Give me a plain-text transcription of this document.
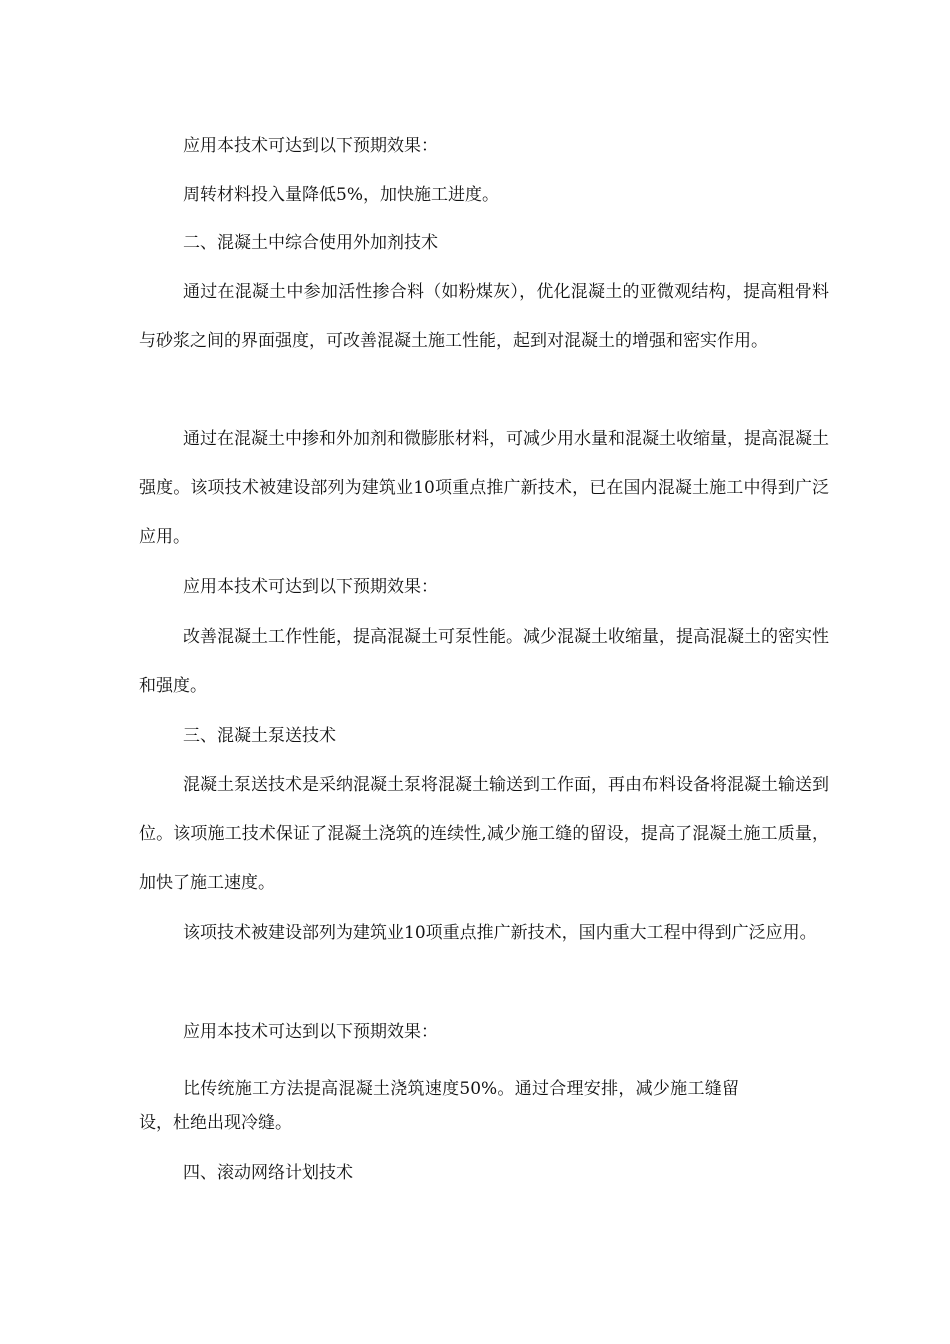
应用本技术可达到以下预期效果：

周转材料投入量降低5%，加快施工进度。

二、混凝土中综合使用外加剂技术

通过在混凝土中参加活性掺合料（如粉煤灰），优化混凝土的亚微观结构，提高粗骨料与砂浆之间的界面强度，可改善混凝土施工性能，起到对混凝土的增强和密实作用。

通过在混凝土中掺和外加剂和微膨胀材料，可减少用水量和混凝土收缩量，提高混凝土强度。该项技术被建设部列为建筑业10项重点推广新技术，已在国内混凝土施工中得到广泛应用。

应用本技术可达到以下预期效果：

改善混凝土工作性能，提高混凝土可泵性能。减少混凝土收缩量，提高混凝土的密实性和强度。

三、混凝土泵送技术

混凝土泵送技术是采纳混凝土泵将混凝土输送到工作面，再由布料设备将混凝土输送到位。该项施工技术保证了混凝土浇筑的连续性,减少施工缝的留设，提高了混凝土施工质量，加快了施工速度。

该项技术被建设部列为建筑业10项重点推广新技术，国内重大工程中得到广泛应用。

应用本技术可达到以下预期效果：

比传统施工方法提高混凝土浇筑速度50%。通过合理安排，减少施工缝留设，杜绝出现冷缝。

四、滚动网络计划技术
